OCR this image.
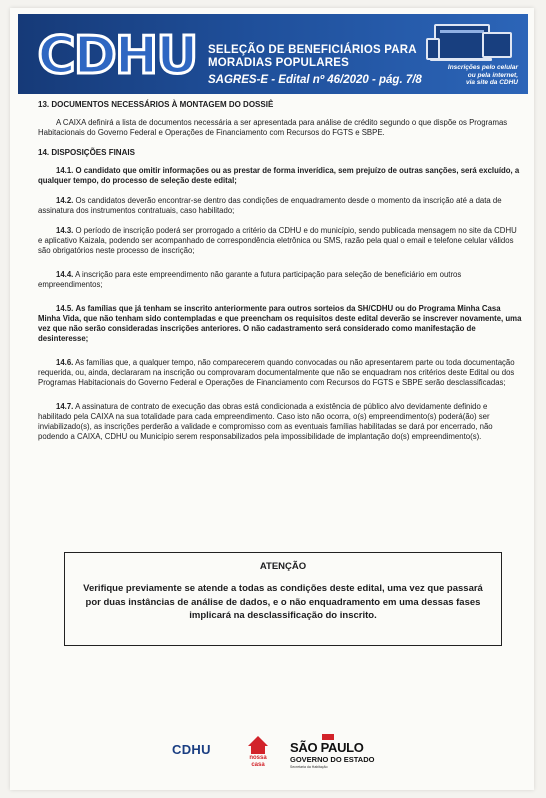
CDHU SELEÇÃO DE BENEFICIÁRIOS PARA MORADIAS POPULARES
SAGRES-E - Edital nº 46/2020 - pág. 7/8
Inscrições pelo celular
ou pela internet,
via site da CDHU

13. DOCUMENTOS NECESSÁRIOS À MONTAGEM DO DOSSIÊ

A CAIXA definirá a lista de documentos necessária a ser apresentada para análise de crédito segundo o que dispõe os Programas Habitacionais do Governo Federal e Operações de Financiamento com Recursos do FGTS e SBPE.

14. DISPOSIÇÕES FINAIS

14.1. O candidato que omitir informações ou as prestar de forma inverídica, sem prejuízo de outras sanções, será excluído, a qualquer tempo, do processo de seleção deste edital;

14.2. Os candidatos deverão encontrar-se dentro das condições de enquadramento desde o momento da inscrição até a data de assinatura dos instrumentos contratuais, caso habilitado;

14.3. O período de inscrição poderá ser prorrogado a critério da CDHU e do município, sendo publicada mensagem no site da CDHU e aplicativo Kaizala, podendo ser acompanhado de correspondência eletrônica ou SMS, razão pela qual o email e telefone celular válidos são obrigatórios neste processo de inscrição;

14.4. A inscrição para este empreendimento não garante a futura participação para seleção de beneficiário em outros empreendimentos;

14.5. As famílias que já tenham se inscrito anteriormente para outros sorteios da SH/CDHU ou do Programa Minha Casa Minha Vida, que não tenham sido contempladas e que preencham os requisitos deste edital deverão se inscrever novamente, uma vez que não serão consideradas inscrições anteriores. O não cadastramento será considerado como manifestação de desinteresse;

14.6. As famílias que, a qualquer tempo, não comparecerem quando convocadas ou não apresentarem parte ou toda documentação requerida, ou, ainda, declararam na inscrição ou comprovaram documentalmente que não se enquadram nos critérios deste Edital ou dos Programas Habitacionais do Governo Federal e Operações de Financiamento com Recursos do FGTS e SBPE serão desclassificadas;

14.7. A assinatura de contrato de execução das obras está condicionada a existência de público alvo devidamente definido e habilitado pela CAIXA na sua totalidade para cada empreendimento. Caso isto não ocorra, o(s) empreendimento(s) poderá(ão) ser inviabilizado(s), as inscrições perderão a validade e compromisso com as eventuais famílias habilitadas se dará por encerrado, não podendo a CAIXA, CDHU ou Município serem responsabilizados pela impossibilidade de implantação do(s) empreendimento(s).

ATENÇÃO
Verifique previamente se atende a todas as condições deste edital, uma vez que passará por duas instâncias de análise de dados, e o não enquadramento em uma dessas fases implicará na desclassificação do inscrito.
CDHU
nossa
casa
SÃO PAULO
GOVERNO DO ESTADO
Secretaria da Habitação
